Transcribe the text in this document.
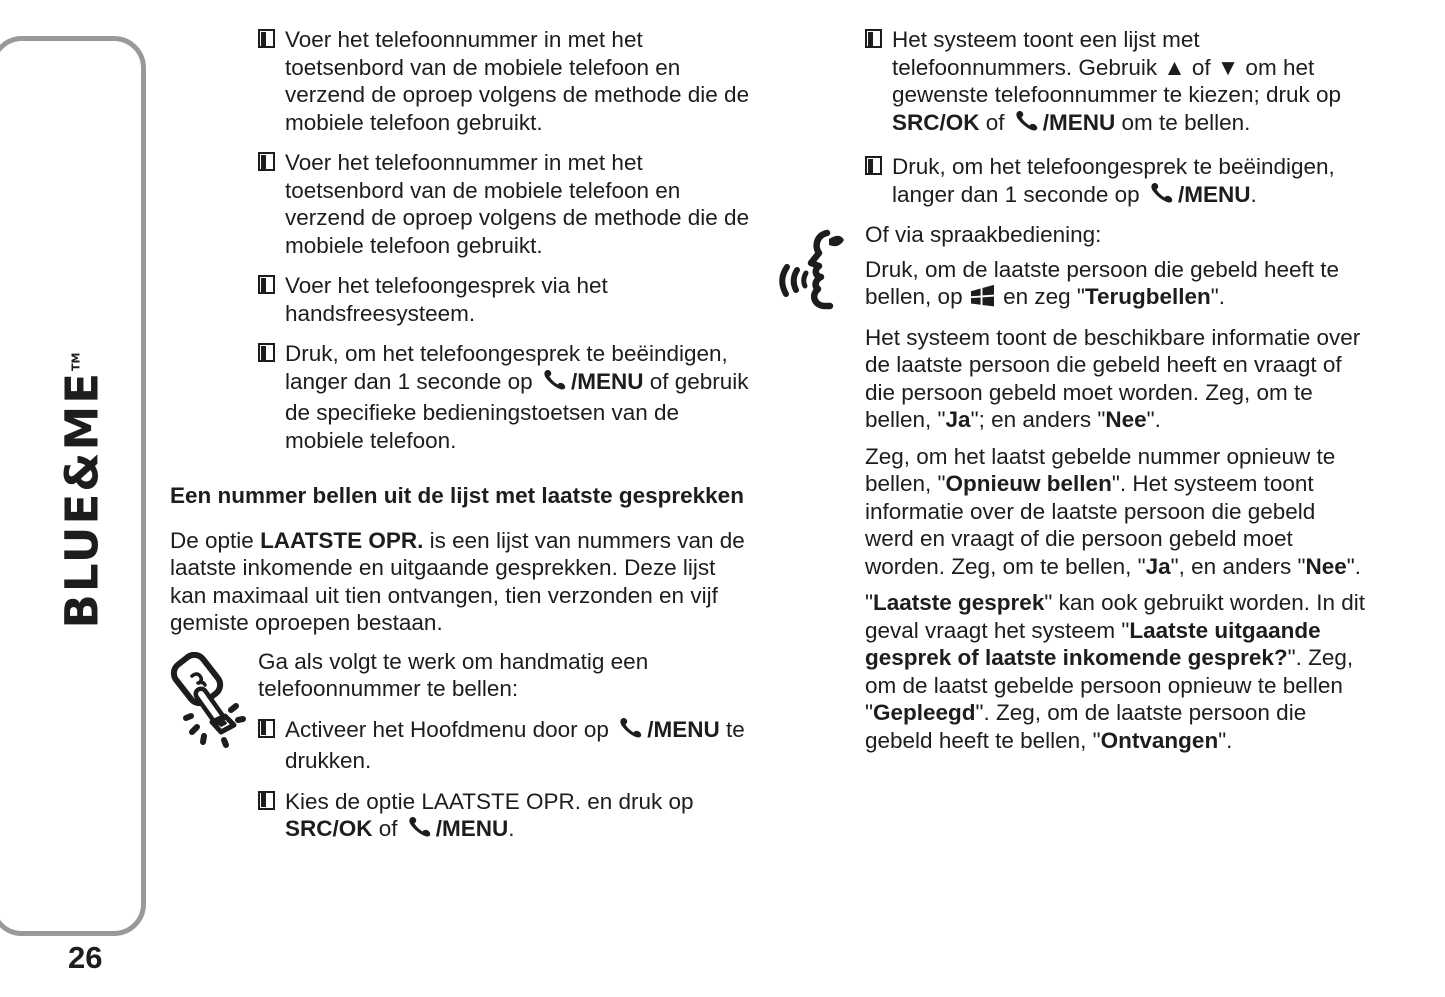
BLUE&ME™
26
Voer het telefoonnummer in met het toetsenbord van de mobiele telefoon en verzend de oproep volgens de methode die de mobiele telefoon gebruikt.
Voer het telefoonnummer in met het toetsenbord van de mobiele telefoon en verzend de oproep volgens de methode die de mobiele telefoon gebruikt.
Voer het telefoongesprek via het handsfreesysteem.
Druk, om het telefoongesprek te beëindigen, langer dan 1 seconde op /MENU of gebruik de specifieke bedieningstoetsen van de mobiele telefoon.

Een nummer bellen uit de lijst met laatste gesprekken

De optie LAATSTE OPR. is een lijst van nummers van de laatste inkomende en uitgaande gesprekken. Deze lijst kan maximaal uit tien ontvangen, tien verzonden en vijf gemiste oproepen bestaan.

Ga als volgt te werk om handmatig een telefoonnummer te bellen:

Activeer het Hoofdmenu door op /MENU te drukken.
Kies de optie LAATSTE OPR. en druk op SRC/OK of /MENU.
Het systeem toont een lijst met telefoonnummers. Gebruik ▲ of ▼ om het gewenste telefoonnummer te kiezen; druk op SRC/OK of /MENU om te bellen.
Druk, om het telefoongesprek te beëindigen, langer dan 1 seconde op /MENU.

Of via spraakbediening:

Druk, om de laatste persoon die gebeld heeft te bellen, op  en zeg "Terugbellen".

Het systeem toont de beschikbare informatie over de laatste persoon die gebeld heeft en vraagt of die persoon gebeld moet worden. Zeg, om te bellen, "Ja"; en anders "Nee".

Zeg, om het laatst gebelde nummer opnieuw te bellen, "Opnieuw bellen". Het systeem toont informatie over de laatste persoon die gebeld werd en vraagt of die persoon gebeld moet worden. Zeg, om te bellen, "Ja", en anders "Nee".

"Laatste gesprek" kan ook gebruikt worden. In dit geval vraagt het systeem "Laatste uitgaande gesprek of laatste inkomende gesprek?". Zeg, om de laatst gebelde persoon opnieuw te bellen "Gepleegd". Zeg, om de laatste persoon die gebeld heeft te bellen, "Ontvangen".
